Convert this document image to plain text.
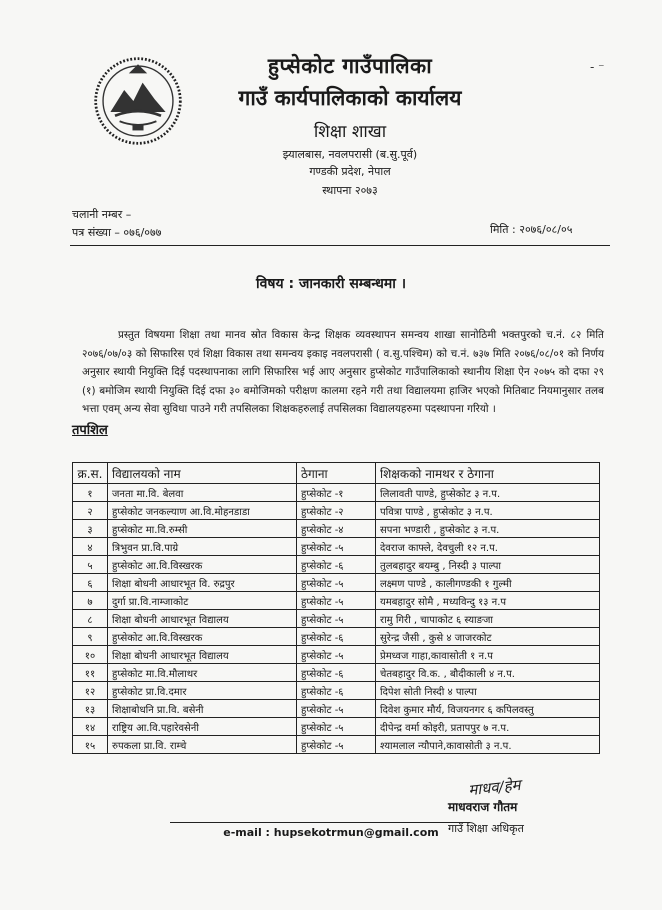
हुप्सेकोट गाउँपालिका
गाउँ कार्यपालिकाको कार्यालय
शिक्षा शाखा
झ्यालबास, नवलपरासी (ब.सु.पूर्व)
गण्डकी प्रदेश, नेपाल
स्थापना २०७३
- ⁻
चलानी नम्बर –
पत्र संख्या – ०७६/०७७	मिति : २०७६/०८/०५
विषय : जानकारी सम्बन्धमा ।

प्रस्तुत विषयमा शिक्षा तथा मानव स्रोत विकास केन्द्र शिक्षक व्यवस्थापन समन्वय शाखा सानोठिमी भक्तपुरको च.नं. ८२ मिति २०७६/०७/०३ को सिफारिस एवं शिक्षा विकास तथा समन्वय इकाइ नवलपरासी ( व.सु.पश्चिम) को च.नं. ७३७ मिति २०७६/०८/०१ को निर्णय अनुसार स्थायी नियुक्ति दिई पदस्थापनाका लागि सिफारिस भई आए अनुसार हुप्सेकोट गाउँपालिकाको स्थानीय शिक्षा ऐन २०७५ को दफा २९ (१) बमोजिम स्थायी नियुक्ति दिई दफा ३० बमोजिमको परीक्षण कालमा रहने गरी तथा विद्यालयमा हाजिर भएको मितिबाट नियमानुसार तलब भत्ता एवम् अन्य सेवा सुविधा पाउने गरी तपसिलका शिक्षकहरुलाई तपसिलका विद्यालयहरुमा पदस्थापना गरियो ।

तपशिल
क्र.स.	विद्यालयको नाम	ठेगाना	शिक्षकको नामथर र ठेगाना
१	जनता मा.वि. बेलवा	हुप्सेकोट -१	लिलावती पाण्डे, हुप्सेकोट ३ न.प.
२	हुप्सेकोट जनकल्याण आ.वि.मोहनडाडा	हुप्सेकोट -२	पवित्रा पाण्डे , हुप्सेकोट ३ न.प.
३	हुप्सेकोट मा.वि.रुम्सी	हुप्सेकोट -४	सपना भण्डारी , हुप्सेकोट ३ न.प.
४	त्रिभुवन प्रा.वि.पाग्रे	हुप्सेकोट -५	देवराज काफ्ले, देवचुली १२ न.प.
५	हुप्सेकोट आ.वि.विस्खरक	हुप्सेकोट -६	तुलबहादुर बयम्बु , निस्दी ३ पाल्पा
६	शिक्षा बोधनी आधारभूत वि. रुद्रपुर	हुप्सेकोट -५	लक्ष्मण पाण्डे , कालीगण्डकी १ गुल्मी
७	दुर्गा प्रा.वि.नाम्जाकोट	हुप्सेकोट -५	यमबहादुर सोमै , मध्यविन्दु १३ न.प
८	शिक्षा बोधनी आधारभूत विद्यालय	हुप्सेकोट -५	रामु गिरी , चापाकोट ६ स्याङजा
९	हुप्सेकोट आ.वि.विस्खरक	हुप्सेकोट -६	सुरेन्द्र जैसी , कुसे ४ जाजरकोट
१०	शिक्षा बोधनी आधारभूत विद्यालय	हुप्सेकोट -५	प्रेमध्वज गाहा,कावासोती १ न.प
११	हुप्सेकोट मा.वि.मौलाथर	हुप्सेकोट -६	चेतबहादुर वि.क. , बौदीकाली ४ न.प.
१२	हुप्सेकोट प्रा.वि.दमार	हुप्सेकोट -६	दिपेश सोती निस्दी ४ पाल्पा
१३	शिक्षाबोधनि प्रा.वि. बसेनी	हुप्सेकोट -५	दिवेश कुमार मौर्य, विजयनगर ६ कपिलवस्तु
१४	राष्ट्रिय आ.वि.पहारेवसेनी	हुप्सेकोट -५	दीपेन्द्र वर्मा कोइरी, प्रतापपुर ७ न.प.
१५	रुपकला प्रा.वि. राम्चे	हुप्सेकोट -५	श्यामलाल न्यौपाने,कावासोती ३ न.प.
माधव/हेम
माधवराज गौतम
गाउँ शिक्षा अधिकृत
e-mail : hupsekotrmun@gmail.com
